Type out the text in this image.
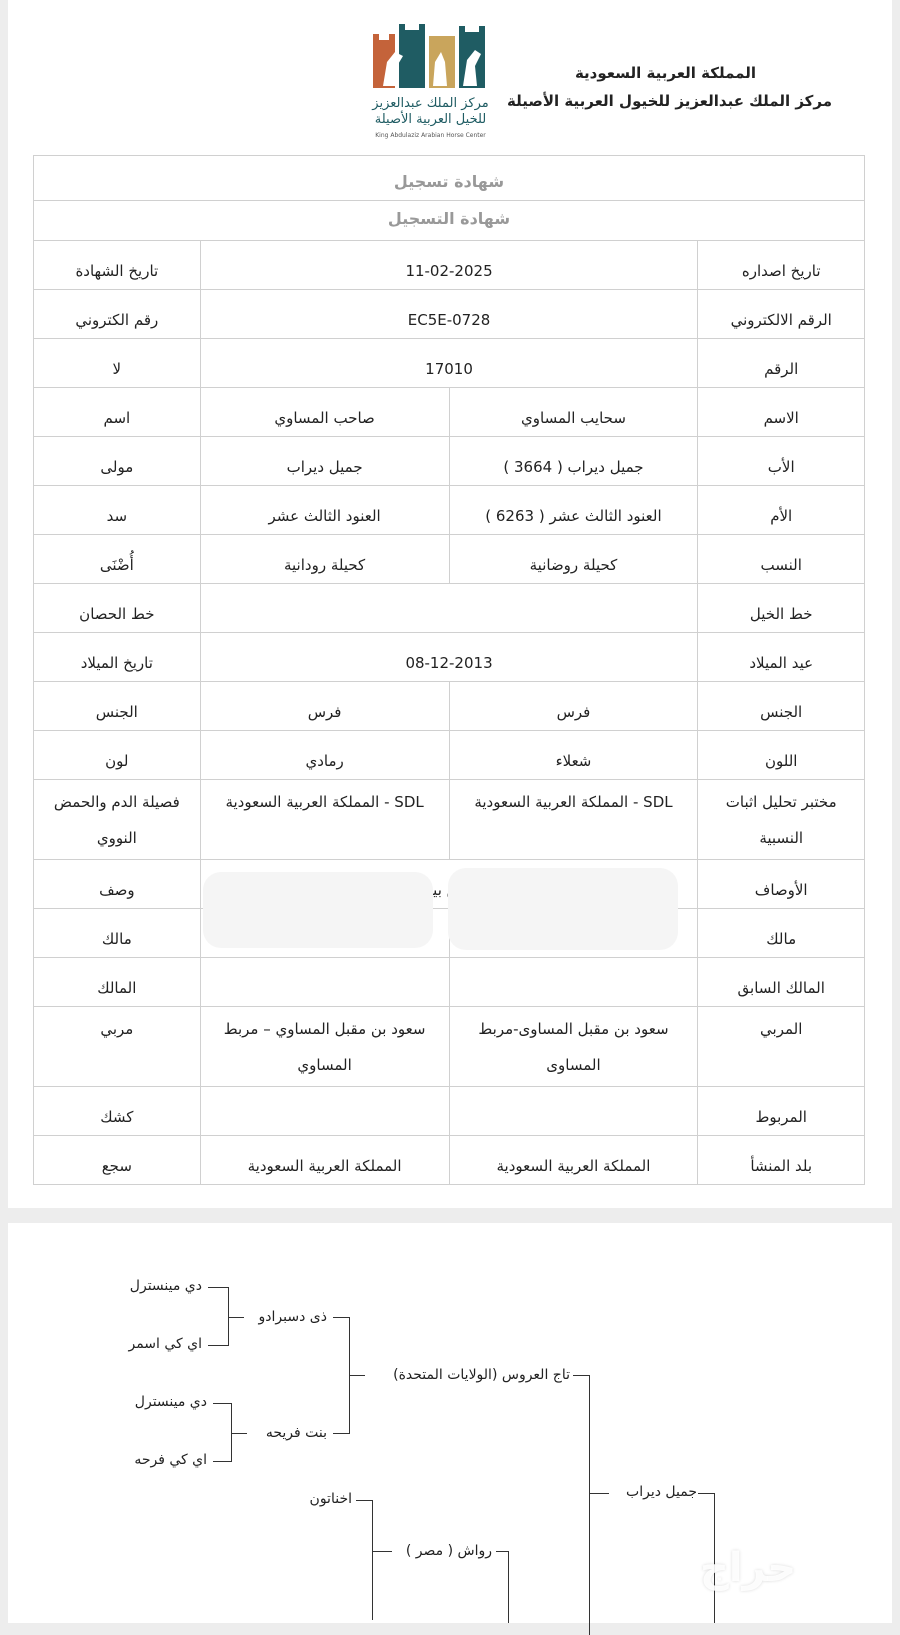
مركز الملك عبدالعزيز
للخيل العربية الأصيلة
King Abdulaziz Arabian Horse Center
المملكة العربية السعودية
مركز الملك عبدالعزيز للخيول العربية الأصيلة
شهادة تسجيل			
شهادة التسجيل			
تاريخ اصداره	11-02-2025		تاريخ الشهادة
الرقم الالكتروني	EC5E-0728		رقم الكتروني
الرقم	17010		لا
الاسم	سحايب المساوي	صاحب المساوي	اسم
الأب	جميل ديراب ( 3664 )	جميل ديراب	مولى
الأم	العنود الثالث عشر ( 6263 )	العنود الثالث عشر	سد
النسب	كحيلة روضانية	كحيلة رودانية	أُضْنَى
خط الخيل			خط الحصان
عيد الميلاد	08-12-2013		تاريخ الميلاد
الجنس	فرس	فرس	الجنس
اللون	شعلاء	رمادي	لون
مختبر تحليل اثبات النسبية	SDL - المملكة العربية السعودية	SDL - المملكة العربية السعودية	فصيلة الدم والحمض النووي
الأوصاف			وصف
مالك			مالك
المالك السابق			المالك
المربي	سعود بن مقبل المساوى-مربط المساوى	سعود بن مقبل المساوي – مربط المساوي	مربي
المربوط			كشك
بلد المنشأ	المملكة العربية السعودية	المملكة العربية السعودية	سجع
دي مينسترل
اي كي اسمر
دي مينسترل
اي كي فرحه
ذى دسبرادو
بنت فريحه
اخناتون
تاج العروس (الولايات المتحدة)
رواش ( مصر )
جميل ديراب
حراج
